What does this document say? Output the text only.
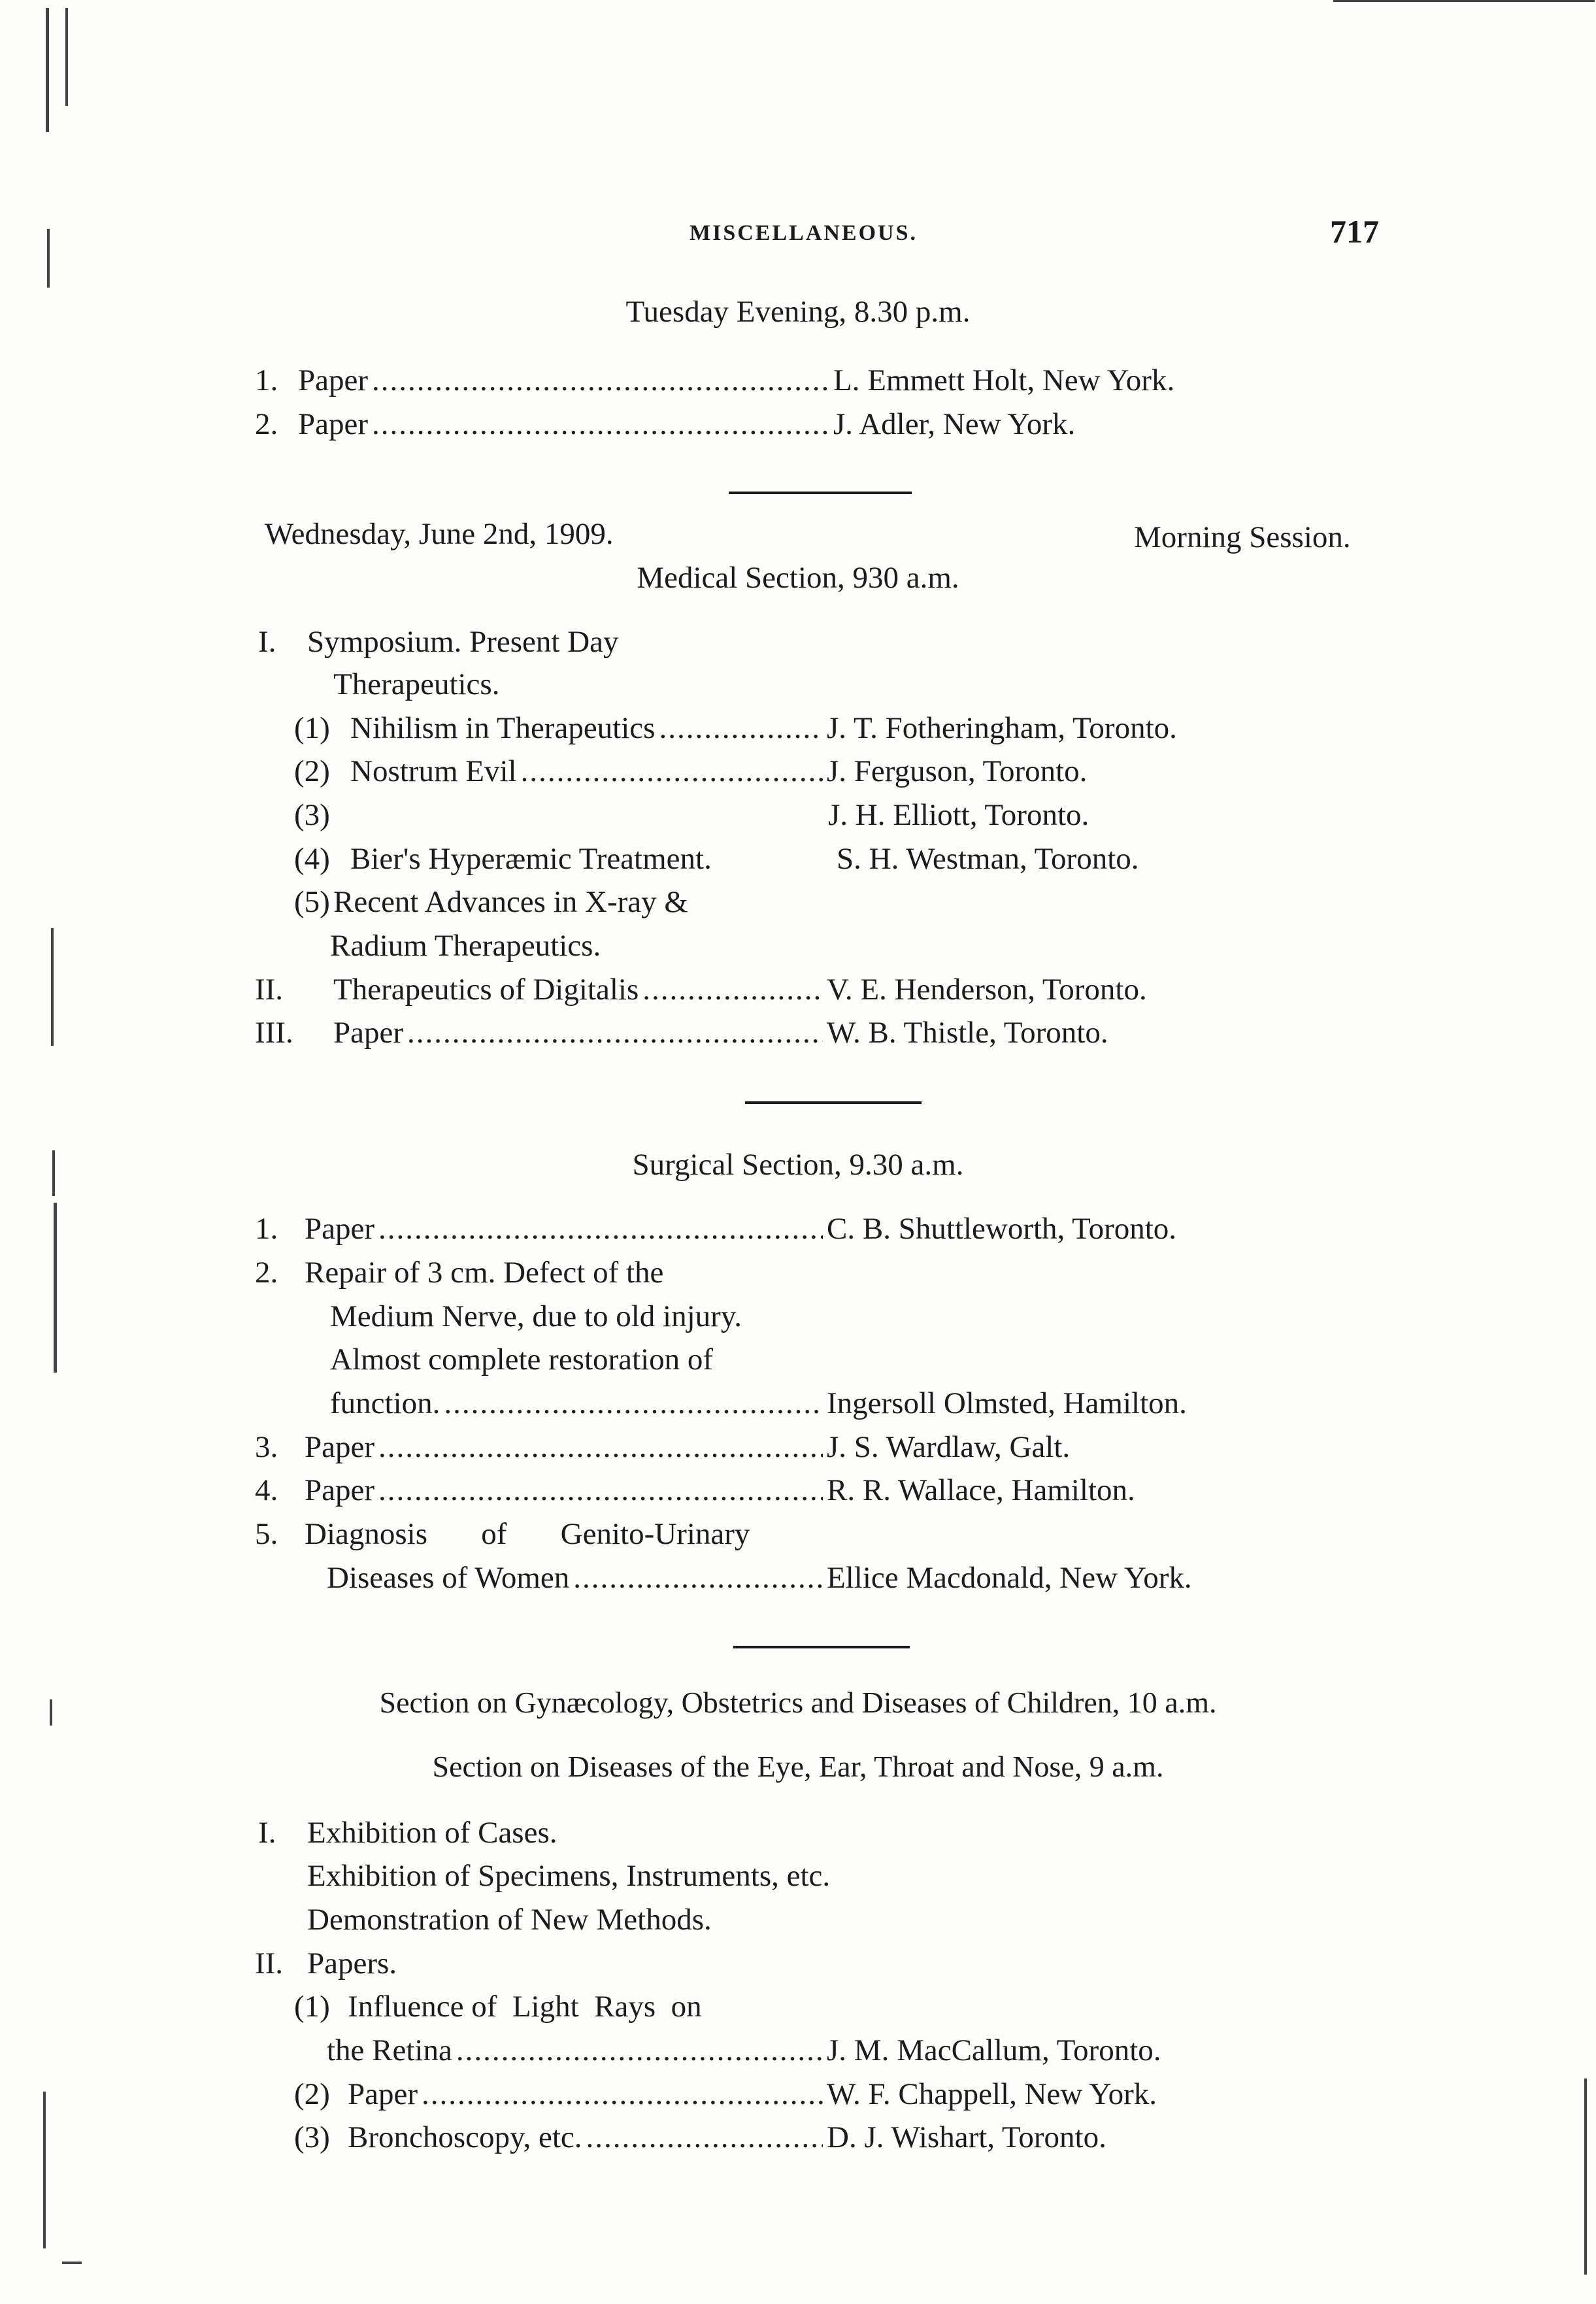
MISCELLANEOUS.	717
Tuesday Evening, 8.30 p.m.
1. Paper .....	L. Emmett Holt, New York.
2. Paper .....	J. Adler, New York.
Wednesday, June 2nd, 1909.	Morning Session.
Medical Section, 930 a.m.
I. Symposium. Present Day
Therapeutics.
(1) Nihilism in Therapeutics .....	J. T. Fotheringham, Toronto.
(2) Nostrum Evil .....	J. Ferguson, Toronto.
(3)	J. H. Elliott, Toronto.
(4) Bier's Hyperæmic Treatment.	S. H. Westman, Toronto.
(5) Recent Advances in X-ray &
Radium Therapeutics.
II.	Therapeutics of Digitalis .....	V. E. Henderson, Toronto.
III.	Paper .....	W. B. Thistle, Toronto.
Surgical Section, 9.30 a.m.
1. Paper .....	C. B. Shuttleworth, Toronto.
2. Repair of 3 cm. Defect of the
Medium Nerve, due to old injury.
Almost complete restoration of
function. .....	Ingersoll Olmsted, Hamilton.
3. Paper .....	J. S. Wardlaw, Galt.
4. Paper .....	R. R. Wallace, Hamilton.
5. Diagnosis       of       Genito-Urinary
Diseases of Women .....	Ellice Macdonald, New York.
Section on Gynæcology, Obstetrics and Diseases of Children, 10 a.m.
Section on Diseases of the Eye, Ear, Throat and Nose, 9 a.m.
I. Exhibition of Cases.
Exhibition of Specimens, Instruments, etc.
Demonstration of New Methods.
II. Papers.
(1) Influence of  Light  Rays  on
the Retina .....	J. M. MacCallum, Toronto.
(2) Paper .....	W. F. Chappell, New York.
(3) Bronchoscopy, etc. .....	D. J. Wishart, Toronto.
